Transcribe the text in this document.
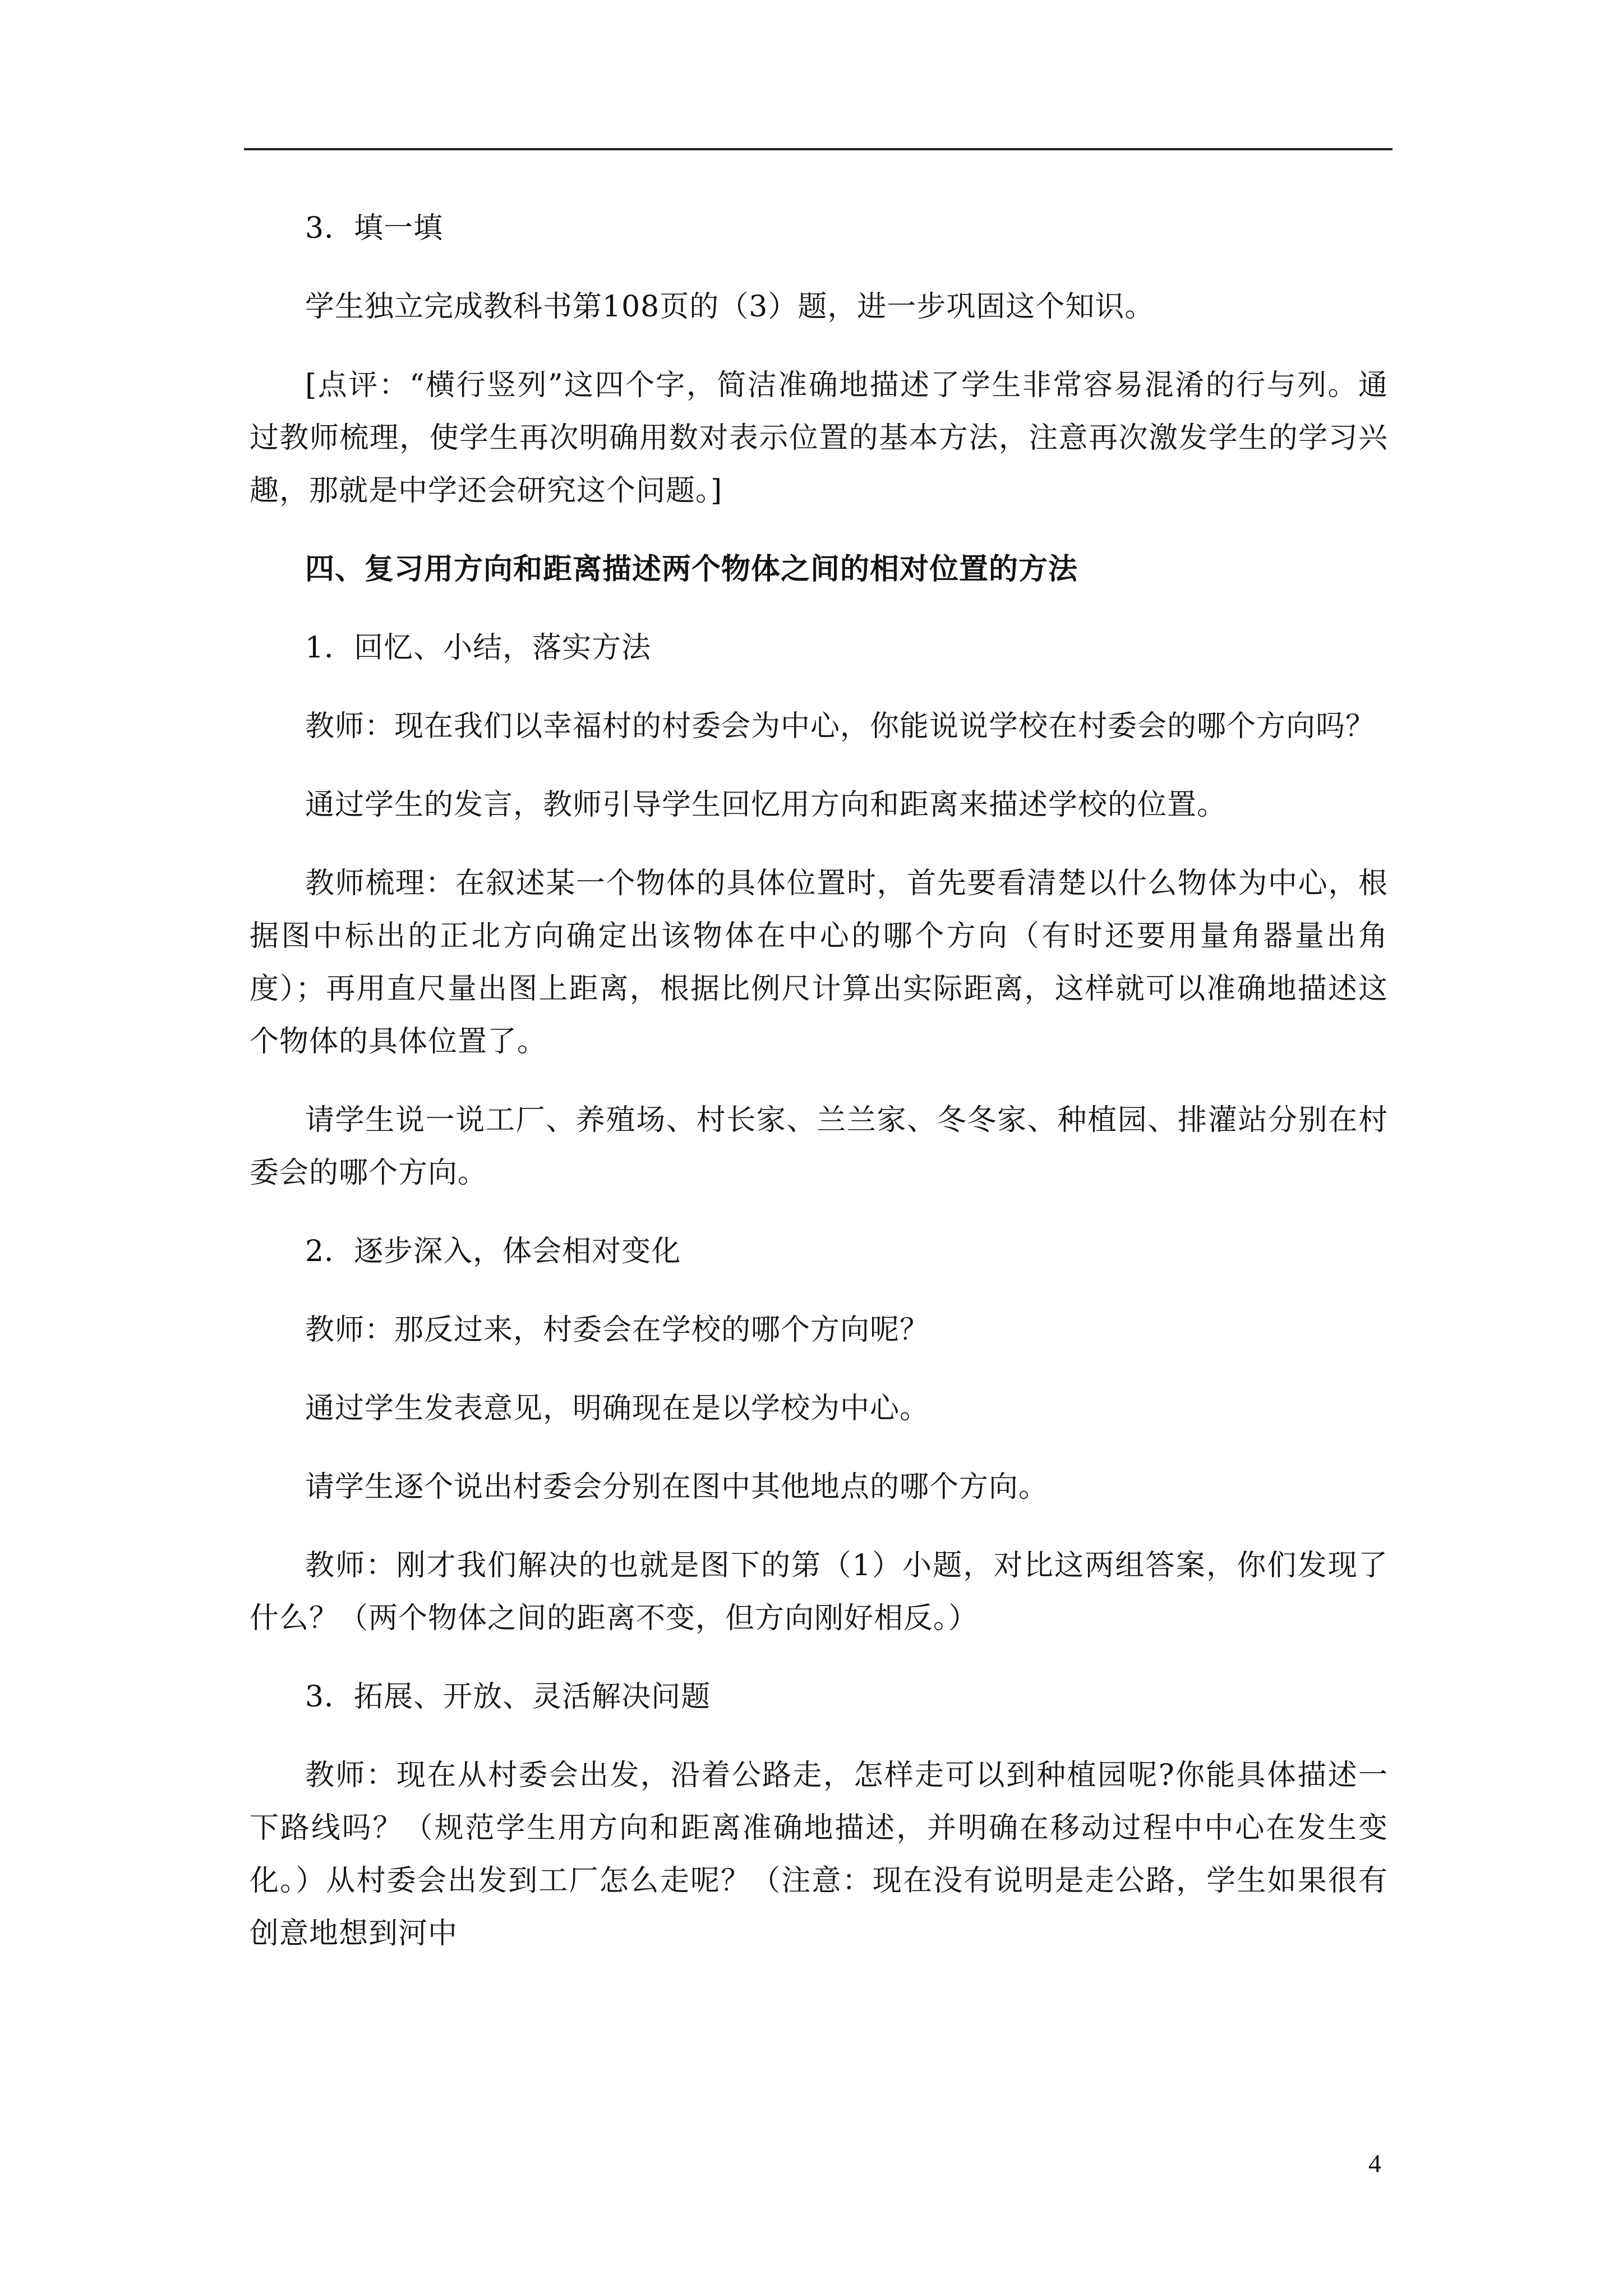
3．填一填

学生独立完成教科书第108页的（3）题，进一步巩固这个知识。

[点评：“横行竖列”这四个字，简洁准确地描述了学生非常容易混淆的行与列。通过教师梳理，使学生再次明确用数对表示位置的基本方法，注意再次激发学生的学习兴趣，那就是中学还会研究这个问题。]

四、复习用方向和距离描述两个物体之间的相对位置的方法

1．回忆、小结，落实方法

教师：现在我们以幸福村的村委会为中心，你能说说学校在村委会的哪个方向吗？

通过学生的发言，教师引导学生回忆用方向和距离来描述学校的位置。

教师梳理：在叙述某一个物体的具体位置时，首先要看清楚以什么物体为中心，根据图中标出的正北方向确定出该物体在中心的哪个方向（有时还要用量角器量出角度）；再用直尺量出图上距离，根据比例尺计算出实际距离，这样就可以准确地描述这个物体的具体位置了。

请学生说一说工厂、养殖场、村长家、兰兰家、冬冬家、种植园、排灌站分别在村委会的哪个方向。

2．逐步深入，体会相对变化

教师：那反过来，村委会在学校的哪个方向呢？

通过学生发表意见，明确现在是以学校为中心。

请学生逐个说出村委会分别在图中其他地点的哪个方向。

教师：刚才我们解决的也就是图下的第（1）小题，对比这两组答案，你们发现了什么？（两个物体之间的距离不变，但方向刚好相反。）

3．拓展、开放、灵活解决问题

教师：现在从村委会出发，沿着公路走，怎样走可以到种植园呢?你能具体描述一下路线吗？（规范学生用方向和距离准确地描述，并明确在移动过程中中心在发生变化。）从村委会出发到工厂怎么走呢？（注意：现在没有说明是走公路，学生如果很有创意地想到河中

4
